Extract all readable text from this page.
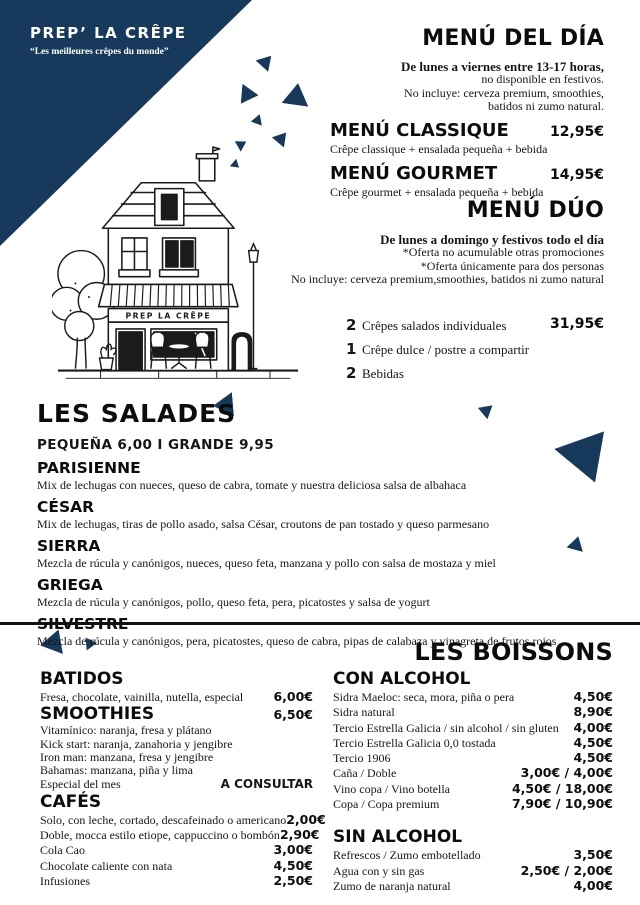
PREP’ LA CRÊPE
“Les meilleures crêpes du monde”
PREP LA CRÊPE
MENÚ DEL DÍA
De lunes a viernes entre 13-17 horas,
no disponible en festivos.
No incluye: cerveza premium, smoothies,
batidos ni zumo natural.
MENÚ CLASSIQUE	12,95€
Crêpe classique + ensalada pequeña + bebida
MENÚ GOURMET	14,95€
Crêpe gourmet + ensalada pequeña + bebida
MENÚ DÚO
De lunes a domingo y festivos todo el día
*Oferta no acumulable otras promociones
*Oferta únicamente para dos personas
No incluye: cerveza premium,smoothies, batidos ni zumo natural
31,95€
2 Crêpes salados individuales
1 Crêpe dulce / postre a compartir
2 Bebidas
LES SALADES
PEQUEÑA 6,00 I GRANDE 9,95
PARISIENNE
Mix de lechugas con nueces, queso de cabra, tomate y nuestra deliciosa salsa de albahaca
CÉSAR
Mix de lechugas, tiras de pollo asado, salsa César, croutons de pan tostado y queso parmesano
SIERRA
Mezcla de rúcula y canónigos, nueces, queso feta, manzana y pollo con salsa de mostaza y miel
GRIEGA
Mezcla de rúcula y canónigos, pollo, queso feta, pera, picatostes y salsa de yogurt
Mezcla de rúcula y canónigos, pera, picatostes, queso de cabra, pipas de calabaza y vinagreta de frutos rojos
LES BOISSONS
BATIDOS
Fresa, chocolate, vainilla, nutella, especial 6,00€
SMOOTHIES	6,50€
Vitamínico: naranja, fresa y plátano
Kick start: naranja, zanahoria y jengibre
Iron man: manzana, fresa y jengibre
Bahamas: manzana, piña y lima
Especial del mes	A CONSULTAR
CAFÉS
Solo, con leche, cortado, descafeinado o americano 2,00€
Doble, mocca estilo etiope, cappuccino o bombón 2,90€
Cola Cao	3,00€
Chocolate caliente con nata	4,50€
Infusiones	2,50€
CON ALCOHOL
Sidra Maeloc: seca, mora, piña o pera	4,50€
Sidra natural	8,90€
Tercio Estrella Galicia / sin alcohol / sin gluten 4,00€
Tercio Estrella Galicia 0,0 tostada	4,50€
Tercio 1906	4,50€
Caña / Doble	3,00€ / 4,00€
Vino copa / Vino botella	4,50€ / 18,00€
Copa / Copa premium	7,90€ / 10,90€
SIN ALCOHOL
Refrescos / Zumo embotellado	3,50€
Agua con y sin gas	2,50€ / 2,00€
Zumo de naranja natural	4,00€
